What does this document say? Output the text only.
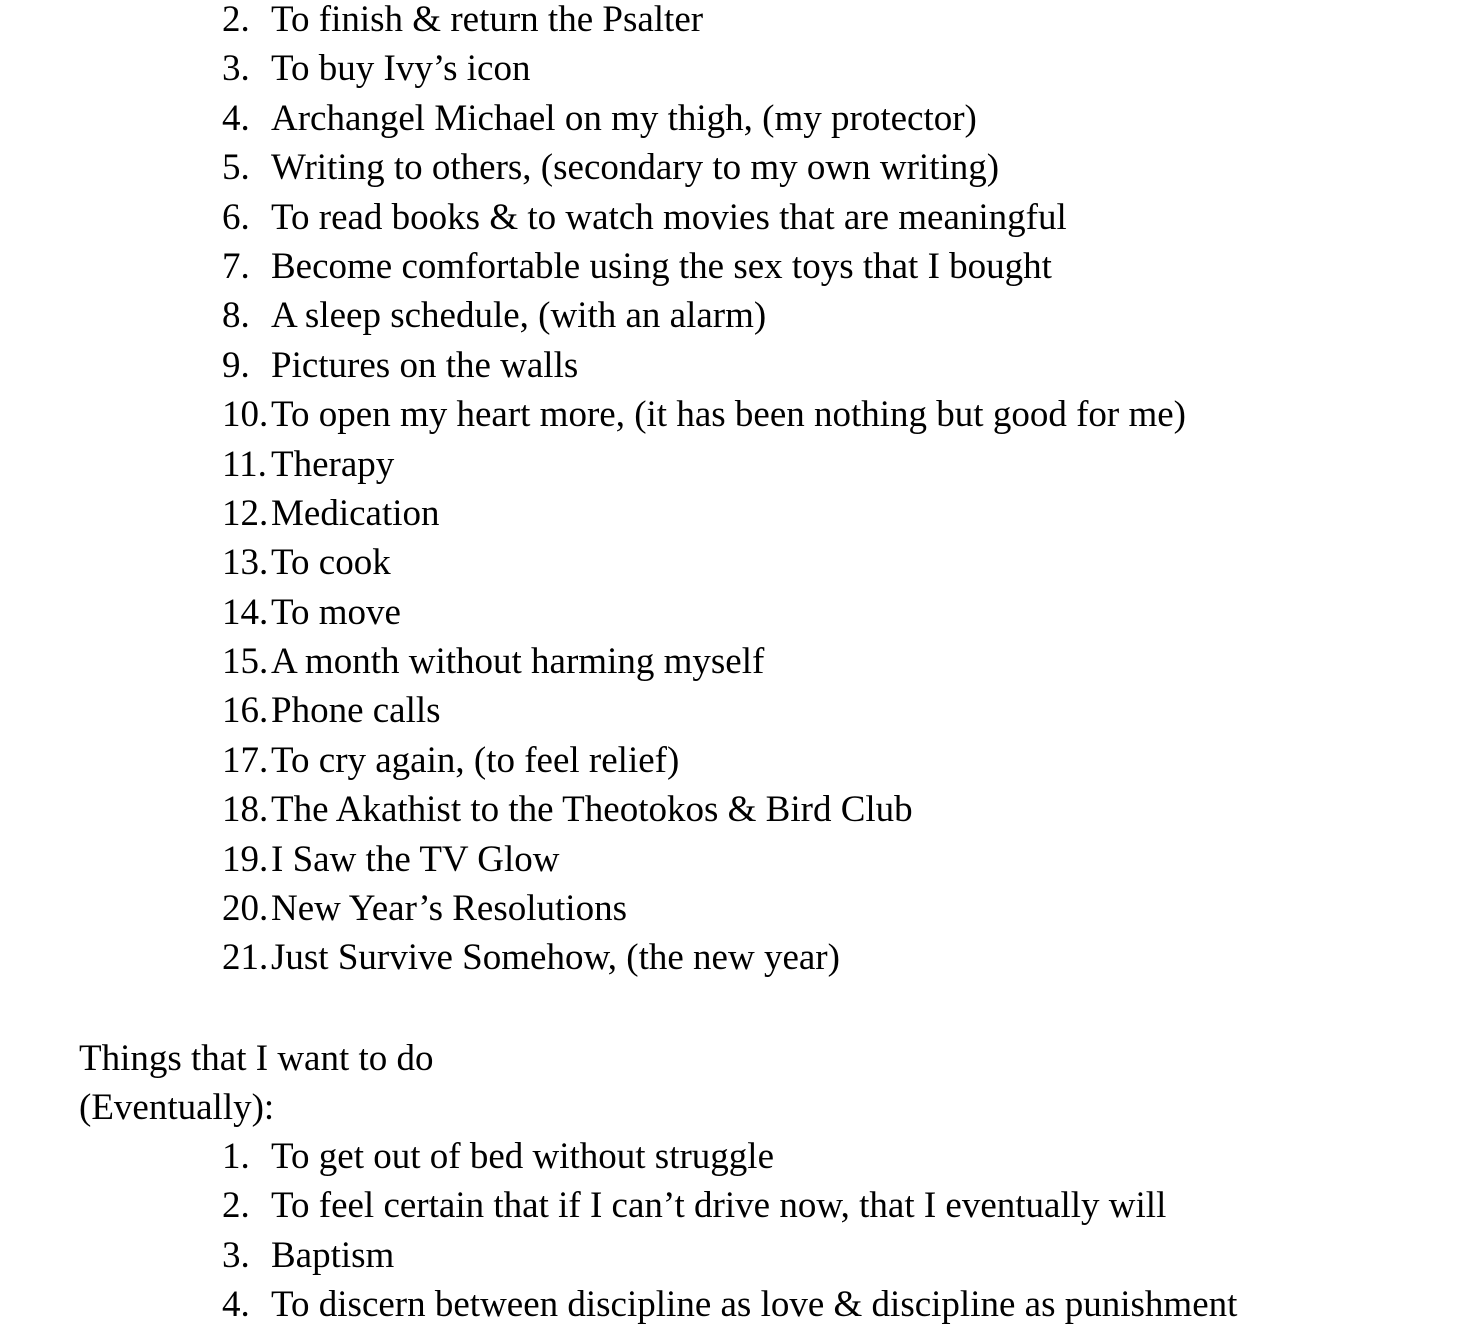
2. To finish & return the Psalter
3. To buy Ivy’s icon
4. Archangel Michael on my thigh, (my protector)
5. Writing to others, (secondary to my own writing)
6. To read books & to watch movies that are meaningful
7. Become comfortable using the sex toys that I bought
8. A sleep schedule, (with an alarm)
9. Pictures on the walls
10. To open my heart more, (it has been nothing but good for me)
11. Therapy
12. Medication
13. To cook
14. To move
15. A month without harming myself
16. Phone calls
17. To cry again, (to feel relief)
18. The Akathist to the Theotokos & Bird Club
19. I Saw the TV Glow
20. New Year’s Resolutions
21. Just Survive Somehow, (the new year)

Things that I want to do

(Eventually):

1. To get out of bed without struggle
2. To feel certain that if I can’t drive now, that I eventually will
3. Baptism
4. To discern between discipline as love & discipline as punishment
